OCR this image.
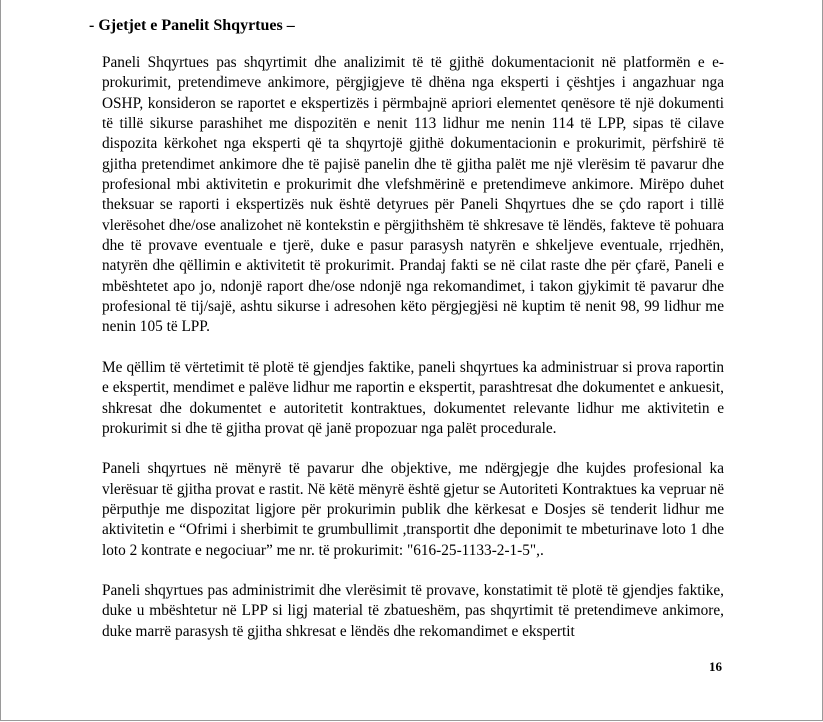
- Gjetjet e Panelit Shqyrtues –

Paneli Shqyrtues pas shqyrtimit dhe analizimit të të gjithë dokumentacionit në platformën e e-prokurimit, pretendimeve ankimore, përgjigjeve të dhëna nga eksperti i çështjes i angazhuar nga OSHP, konsideron se raportet e ekspertizës i përmbajnë apriori elementet qenësore të një dokumenti të tillë sikurse parashihet me dispozitën e nenit 113 lidhur me nenin 114 të LPP, sipas të cilave dispozita kërkohet nga eksperti që ta shqyrtojë gjithë dokumentacionin e prokurimit, përfshirë të gjitha pretendimet ankimore dhe të pajisë panelin dhe të gjitha palët me një vlerësim të pavarur dhe profesional mbi aktivitetin e prokurimit dhe vlefshmërinë e pretendimeve ankimore. Mirëpo duhet theksuar se raporti i ekspertizës nuk është detyrues për Paneli Shqyrtues dhe se çdo raport i tillë vlerësohet dhe/ose analizohet në kontekstin e përgjithshëm të shkresave të lëndës, fakteve të pohuara dhe të provave eventuale e tjerë, duke e pasur parasysh natyrën e shkeljeve eventuale, rrjedhën, natyrën dhe qëllimin e aktivitetit të prokurimit. Prandaj fakti se në cilat raste dhe për çfarë, Paneli e mbështetet apo jo, ndonjë raport dhe/ose ndonjë nga rekomandimet, i takon gjykimit të pavarur dhe profesional të tij/sajë, ashtu sikurse i adresohen këto përgjegjësi në kuptim të nenit 98, 99 lidhur me nenin 105 të LPP.

Me qëllim të vërtetimit të plotë të gjendjes faktike, paneli shqyrtues ka administruar si prova raportin e ekspertit, mendimet e palëve lidhur me raportin e ekspertit, parashtresat dhe dokumentet e ankuesit, shkresat dhe dokumentet e autoritetit kontraktues, dokumentet relevante lidhur me aktivitetin e prokurimit si dhe të gjitha provat që janë propozuar nga palët procedurale.

Paneli shqyrtues në mënyrë të pavarur dhe objektive, me ndërgjegje dhe kujdes profesional ka vlerësuar të gjitha provat e rastit. Në këtë mënyrë është gjetur se Autoriteti Kontraktues ka vepruar në përputhje me dispozitat ligjore për prokurimin publik dhe kërkesat e Dosjes së tenderit lidhur me aktivitetin e “Ofrimi i sherbimit te grumbullimit ,transportit dhe deponimit te mbeturinave loto 1 dhe loto 2 kontrate e negociuar” me nr. të prokurimit: "616-25-1133-2-1-5",.

Paneli shqyrtues pas administrimit dhe vlerësimit të provave, konstatimit të plotë të gjendjes faktike, duke u mbështetur në LPP si ligj material të zbatueshëm, pas shqyrtimit të pretendimeve ankimore, duke marrë parasysh të gjitha shkresat e lëndës dhe rekomandimet e ekspertit

16
